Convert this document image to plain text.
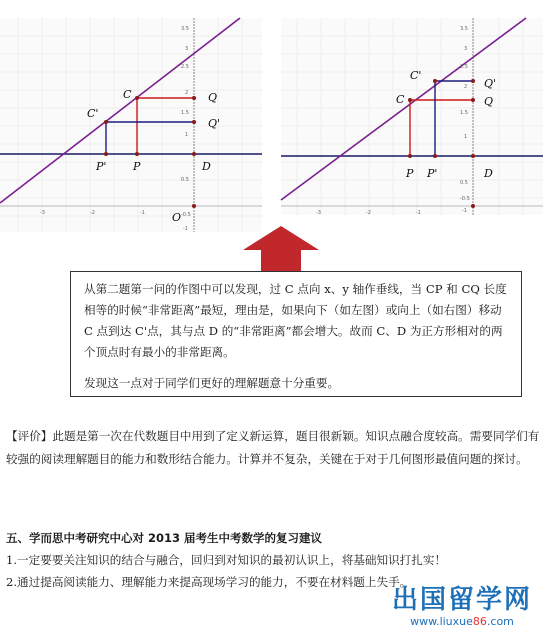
C
C'
Q
Q'
P' P	D
O
3.5
3
2.5
2
1.5
1
0.5
-0.5
-1
-3	-2	-1
C
C'
Q
Q'
P P'	D
3.5
3
2.5
2
1.5
1
0.5
-0.5
-1
-3	-2	-1

从第二题第一问的作图中可以发现，过 C 点向 x、y 轴作垂线，当 CP 和 CQ 长度相等的时候“非常距离”最短，理由是，如果向下（如左图）或向上（如右图）移动 C 点到达 C'点，其与点 D 的“非常距离”都会增大。故而 C、D 为正方形相对的两个顶点时有最小的非常距离。

发现这一点对于同学们更好的理解题意十分重要。

【评价】此题是第一次在代数题目中用到了定义新运算，题目很新颖。知识点融合度较高。需要同学们有较强的阅读理解题目的能力和数形结合能力。计算并不复杂，关键在于对于几何图形最值问题的探讨。

五、学而思中考研究中心对 2013 届考生中考数学的复习建议

1.一定要要关注知识的结合与融合，回归到对知识的最初认识上，将基础知识打扎实！

2.通过提高阅读能力、理解能力来提高现场学习的能力，不要在材料题上失手。

出国留学网
www.liuxue86.com
